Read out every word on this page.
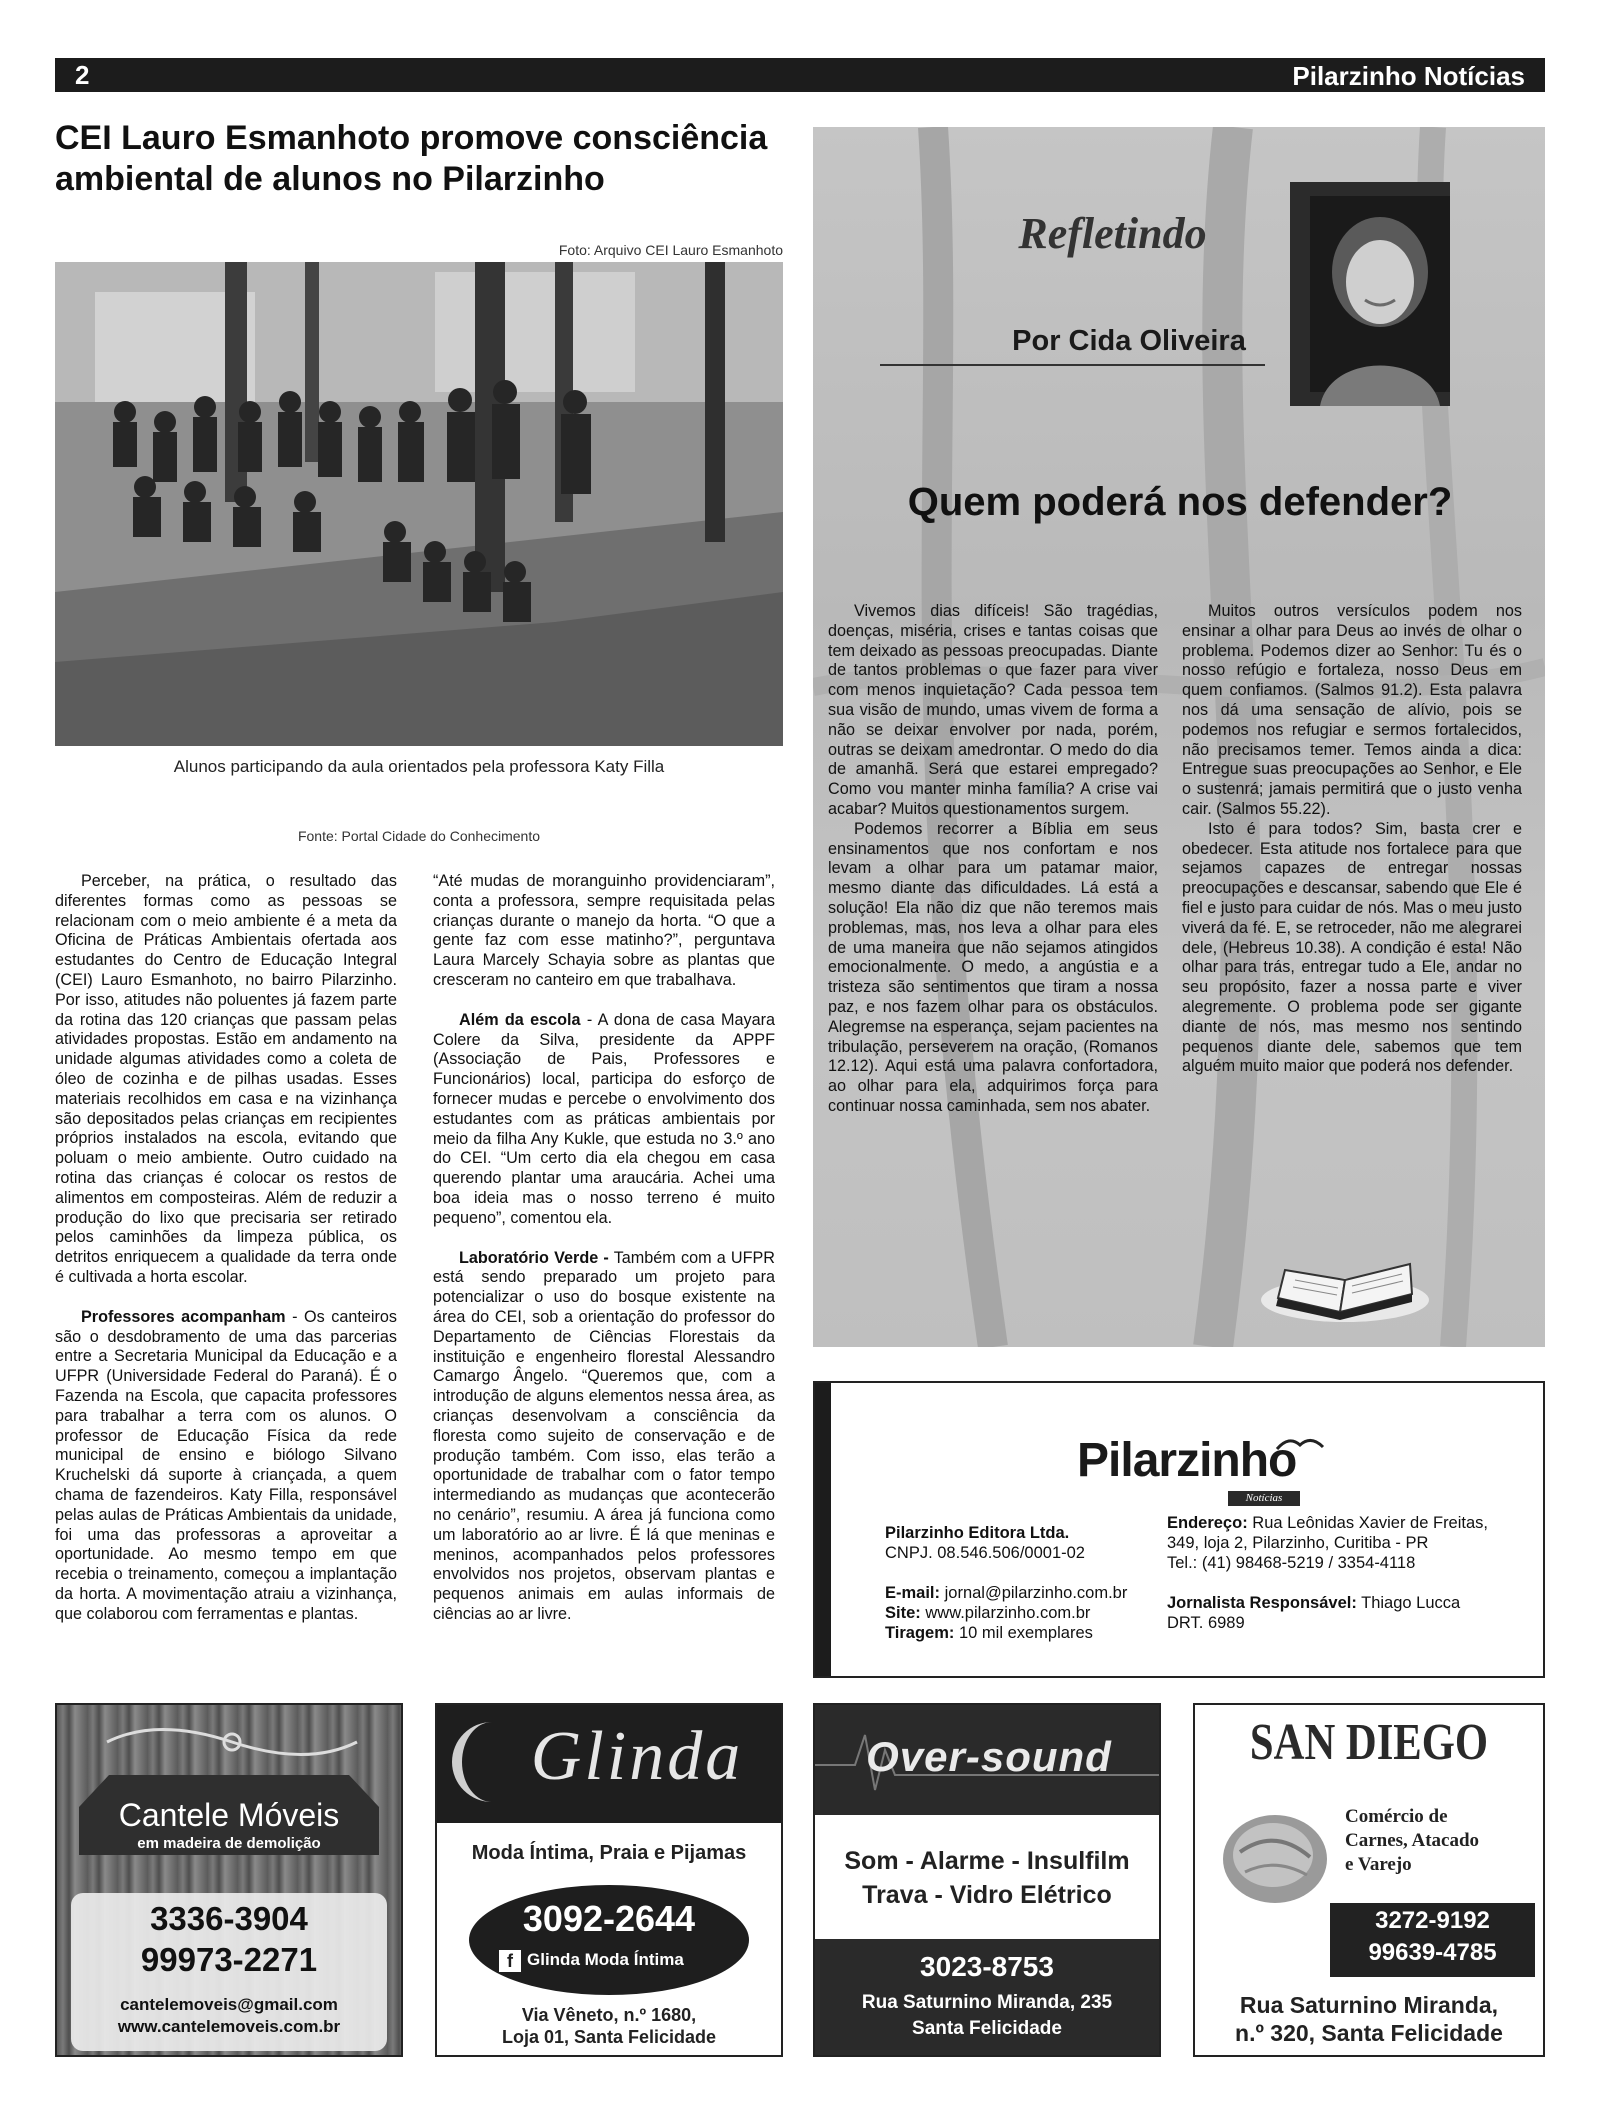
2	Pilarzinho Notícias
CEI Lauro Esmanhoto promove consciência
ambiental de alunos no Pilarzinho
Foto: Arquivo CEI Lauro Esmanhoto
Alunos participando da aula orientados pela professora Katy Filla
Fonte: Portal Cidade do Conhecimento

Perceber, na prática, o resultado das diferentes formas como as pessoas se relacionam com o meio ambiente é a meta da Oficina de Práticas Ambientais ofertada aos estudantes do Centro de Educação Integral (CEI) Lauro Esmanhoto, no bairro Pilarzinho. Por isso, atitudes não poluentes já fazem parte da rotina das 120 crianças que passam pelas atividades propostas. Estão em andamento na unidade algumas atividades como a coleta de óleo de cozinha e de pilhas usadas. Esses materiais recolhidos em casa e na vizinhança são depositados pelas crianças em recipientes próprios instalados na escola, evitando que poluam o meio ambiente. Outro cuidado na rotina das crianças é colocar os restos de alimentos em composteiras. Além de reduzir a produção do lixo que precisaria ser retirado pelos caminhões da limpeza pública, os detritos enriquecem a qualidade da terra onde é cultivada a horta escolar.

Professores acompanham - Os canteiros são o desdobramento de uma das parcerias entre a Secretaria Municipal da Educação e a UFPR (Universidade Federal do Paraná). É o Fazenda na Escola, que capacita professores para trabalhar a terra com os alunos. O professor de Educação Física da rede municipal de ensino e biólogo Silvano Kruchelski dá suporte à criançada, a quem chama de fazendeiros. Katy Filla, responsável pelas aulas de Práticas Ambientais da unidade, foi uma das professoras a aproveitar a oportunidade. Ao mesmo tempo em que recebia o treinamento, começou a implantação da horta. A movimentação atraiu a vizinhança, que colaborou com ferramentas e plantas.

“Até mudas de moranguinho providenciaram”, conta a professora, sempre requisitada pelas crianças durante o manejo da horta. “O que a gente faz com esse matinho?”, perguntava Laura Marcely Schayia sobre as plantas que cresceram no canteiro em que trabalhava.

Além da escola - A dona de casa Mayara Colere da Silva, presidente da APPF (Associação de Pais, Professores e Funcionários) local, participa do esforço de fornecer mudas e percebe o envolvimento dos estudantes com as práticas ambientais por meio da filha Any Kukle, que estuda no 3.º ano do CEI. “Um certo dia ela chegou em casa querendo plantar uma araucária. Achei uma boa ideia mas o nosso terreno é muito pequeno”, comentou ela.

Laboratório Verde - Também com a UFPR está sendo preparado um projeto para potencializar o uso do bosque existente na área do CEI, sob a orientação do professor do Departamento de Ciências Florestais da instituição e engenheiro florestal Alessandro Camargo Ângelo. “Queremos que, com a introdução de alguns elementos nessa área, as crianças desenvolvam a consciência da floresta como sujeito de conservação e de produção também. Com isso, elas terão a oportunidade de trabalhar com o fator tempo intermediando as mudanças que acontecerão no cenário”, resumiu. A área já funciona como um laboratório ao ar livre. É lá que meninas e meninos, acompanhados pelos professores envolvidos nos projetos, observam plantas e pequenos animais em aulas informais de ciências ao ar livre.

Refletindo
Por Cida Oliveira
Quem poderá nos defender?

Vivemos dias difíceis! São tragédias, doenças, miséria, crises e tantas coisas que tem deixado as pessoas preocupadas. Diante de tantos problemas o que fazer para viver com menos inquietação? Cada pessoa tem sua visão de mundo, umas vivem de forma a não se deixar envolver por nada, porém, outras se deixam amedrontar. O medo do dia de amanhã. Será que estarei empregado? Como vou manter minha família? A crise vai acabar? Muitos questionamentos surgem.

Podemos recorrer a Bíblia em seus ensinamentos que nos confortam e nos levam a olhar para um patamar maior, mesmo diante das dificuldades. Lá está a solução! Ela não diz que não teremos mais problemas, mas, nos leva a olhar para eles de uma maneira que não sejamos atingidos emocionalmente. O medo, a angústia e a tristeza são sentimentos que tiram a nossa paz, e nos fazem olhar para os obstáculos. Alegremse na esperança, sejam pacientes na tribulação, perseverem na oração, (Romanos 12.12). Aqui está uma palavra confortadora, ao olhar para ela, adquirimos força para continuar nossa caminhada, sem nos abater.

Muitos outros versículos podem nos ensinar a olhar para Deus ao invés de olhar o problema. Podemos dizer ao Senhor: Tu és o nosso refúgio e fortaleza, nosso Deus em quem confiamos. (Salmos 91.2). Esta palavra nos dá uma sensação de alívio, pois se podemos nos refugiar e sermos fortalecidos, não precisamos temer. Temos ainda a dica: Entregue suas preocupações ao Senhor, e Ele o sustenrá; jamais permitirá que o justo venha cair. (Salmos 55.22).

Isto é para todos? Sim, basta crer e obedecer. Esta atitude nos fortalece para que sejamos capazes de entregar nossas preocupações e descansar, sabendo que Ele é fiel e justo para cuidar de nós. Mas o meu justo viverá da fé. E, se retroceder, não me alegrarei dele, (Hebreus 10.38). A condição é esta! Não olhar para trás, entregar tudo a Ele, andar no seu propósito, fazer a nossa parte e viver alegremente. O problema pode ser gigante diante de nós, mas mesmo nos sentindo pequenos diante dele, sabemos que tem alguém muito maior que poderá nos defender.

Pilarzinho
Notícias
Pilarzinho Editora Ltda.
CNPJ. 08.546.506/0001-02
E-mail: jornal@pilarzinho.com.br
Site: www.pilarzinho.com.br
Tiragem: 10 mil exemplares
Endereço: Rua Leônidas Xavier de Freitas,
349, loja 2, Pilarzinho, Curitiba - PR
Tel.: (41) 98468-5219 / 3354-4118
Jornalista Responsável: Thiago Lucca
DRT. 6989
Cantele Móveis
em madeira de demolição
3336-3904
99973-2271
cantelemoveis@gmail.com
www.cantelemoveis.com.br
Glinda
Moda Íntima, Praia e Pijamas
3092-2644
f Glinda Moda Íntima
Via Vêneto, n.º 1680,
Loja 01, Santa Felicidade
Over-sound
Som - Alarme - Insulfilm
Trava - Vidro Elétrico
3023-8753
Rua Saturnino Miranda, 235
Santa Felicidade
SAN DIEGO
Comércio de
Carnes, Atacado
e Varejo
3272-9192
99639-4785
Rua Saturnino Miranda,
n.º 320, Santa Felicidade
